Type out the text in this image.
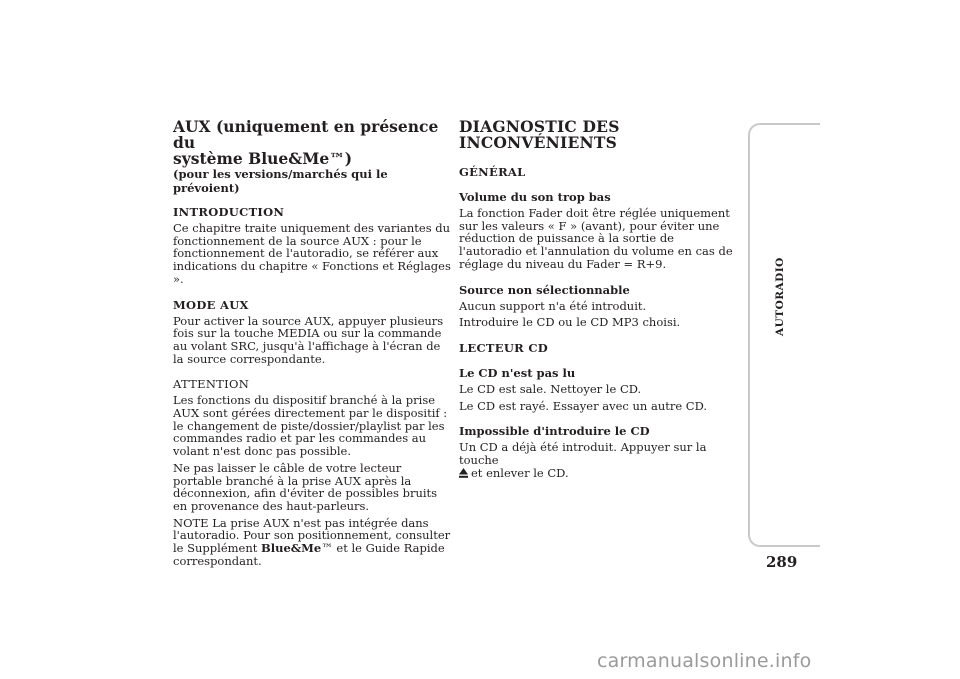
AUX (uniquement en présence du
système Blue&Me™)
(pour les versions/marchés qui le prévoient)
INTRODUCTION

Ce chapitre traite uniquement des variantes du fonctionnement de la source AUX : pour le fonctionnement de l'autoradio, se référer aux indications du chapitre « Fonctions et Réglages ».

MODE AUX

Pour activer la source AUX, appuyer plusieurs fois sur la touche MEDIA ou sur la commande au volant SRC, jusqu'à l'affichage à l'écran de la source correspondante.

ATTENTION

Les fonctions du dispositif branché à la prise AUX sont gérées directement par le dispositif : le changement de piste/dossier/playlist par les commandes radio et par les commandes au volant n'est donc pas possible.

Ne pas laisser le câble de votre lecteur portable branché à la prise AUX après la déconnexion, afin d'éviter de possibles bruits en provenance des haut-parleurs.

NOTE La prise AUX n'est pas intégrée dans l'autoradio. Pour son positionnement, consulter le Supplément Blue&Me™ et le Guide Rapide correspondant.

DIAGNOSTIC DES INCONVÉNIENTS
GÉNÉRAL
Volume du son trop bas

La fonction Fader doit être réglée uniquement sur les valeurs « F » (avant), pour éviter une réduction de puissance à la sortie de l'autoradio et l'annulation du volume en cas de réglage du niveau du Fader = R+9.

Source non sélectionnable

Aucun support n'a été introduit.

Introduire le CD ou le CD MP3 choisi.

LECTEUR CD
Le CD n'est pas lu

Le CD est sale. Nettoyer le CD.

Le CD est rayé. Essayer avec un autre CD.

Impossible d'introduire le CD

Un CD a déjà été introduit. Appuyer sur la touche
et enlever le CD.

AUTORADIO
289
carmanualsonline.info
